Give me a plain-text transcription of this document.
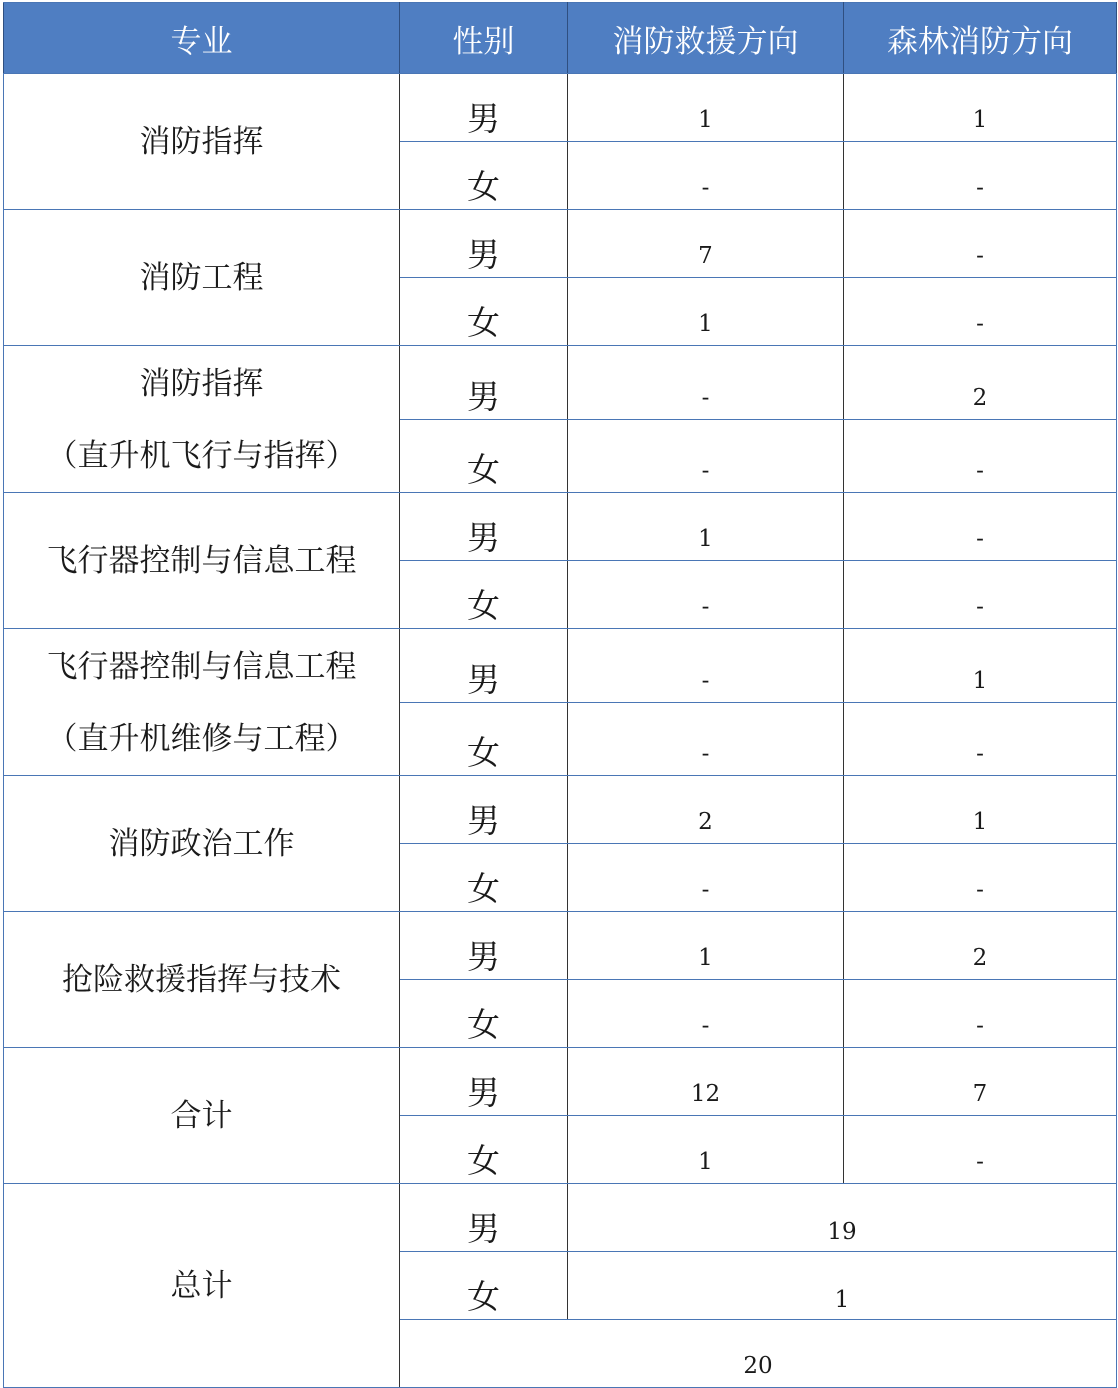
专业	性别	消防救援方向	森林消防方向
消防指挥	男	1	1
	女	-	-
消防工程	男	7	-
	女	1	-

消防指挥
（直升机飞行与指挥）	男	-	2
	女	-	-
飞行器控制与信息工程	男	1	-
	女	-	-

飞行器控制与信息工程
（直升机维修与工程）	男	-	1
	女	-	-
消防政治工作	男	2	1
	女	-	-
抢险救援指挥与技术	男	1	2
	女	-	-
合计	男	12	7
	女	1	-
总计	男	19	
	女	1	
	20		
